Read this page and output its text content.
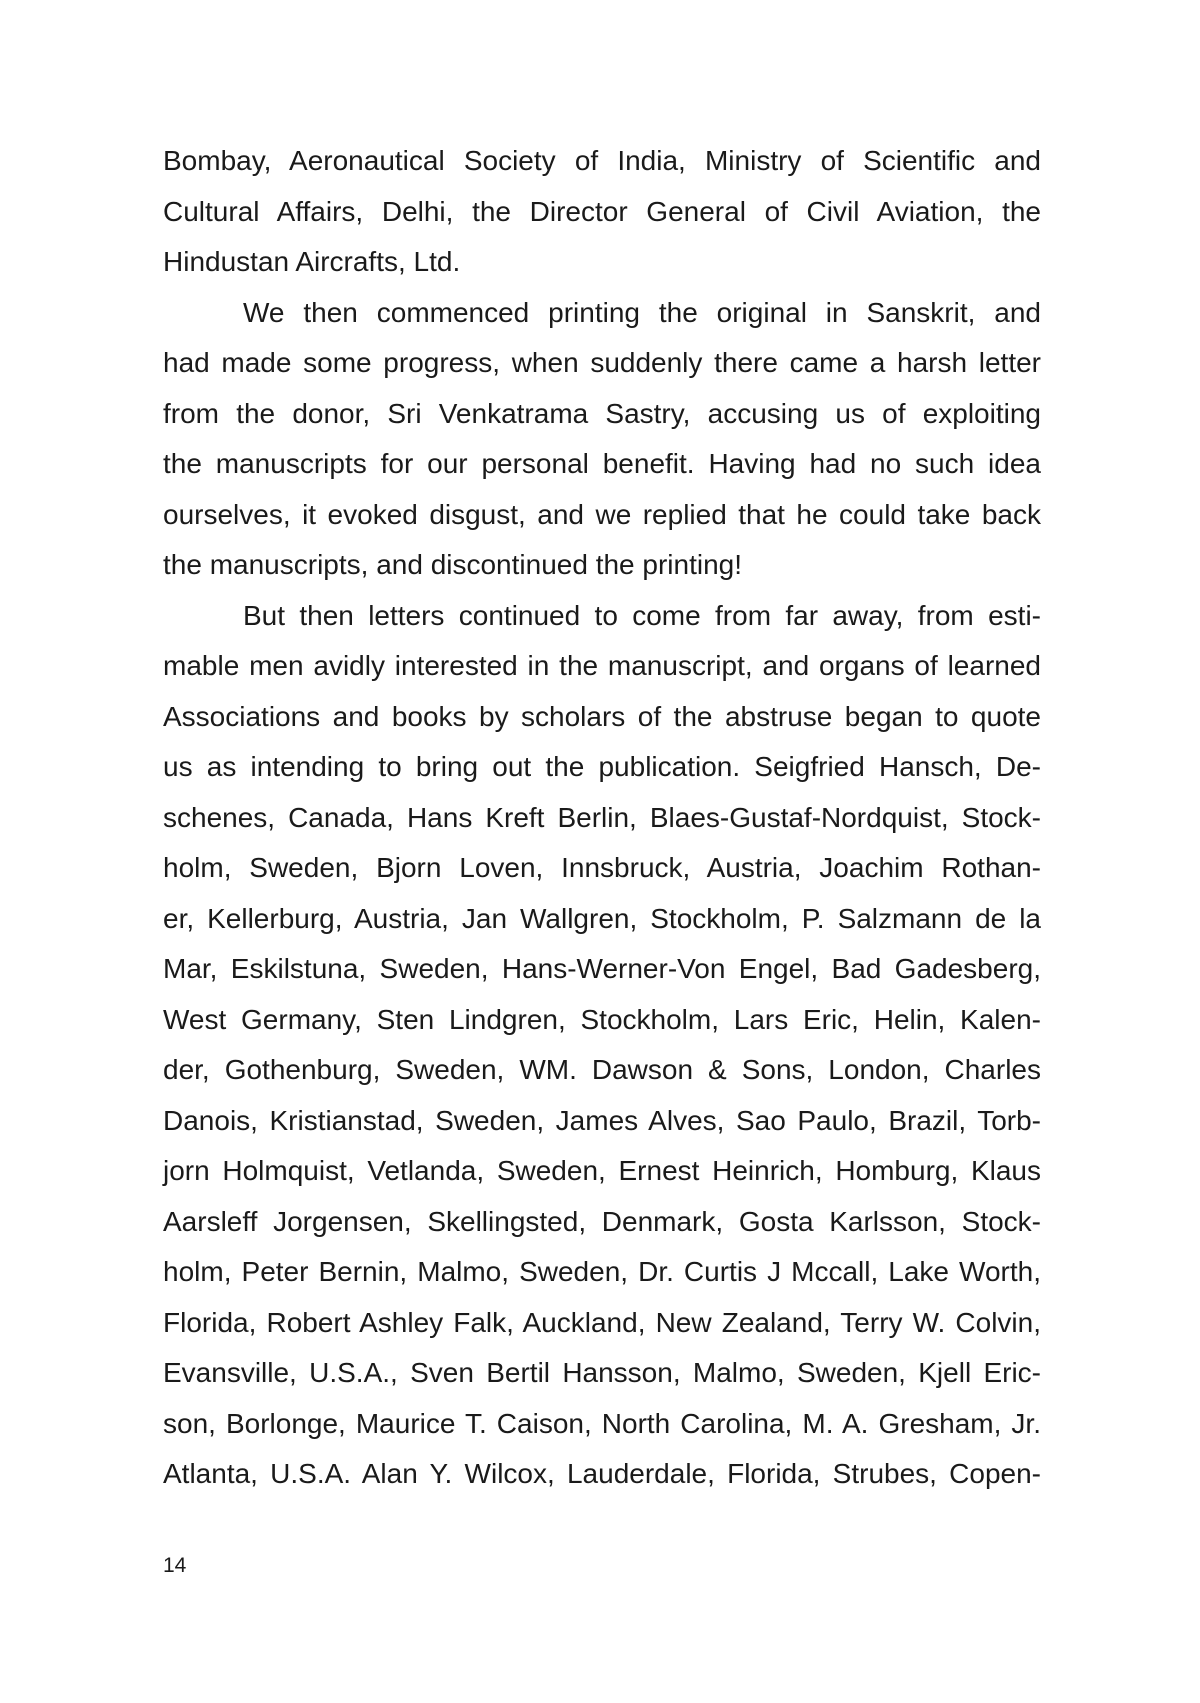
Bombay, Aeronautical Society of India, Ministry of Scientific and
Cultural Affairs, Delhi, the Director General of Civil Aviation, the
Hindustan Aircrafts, Ltd.
We then commenced printing the original in Sanskrit, and
had made some progress, when suddenly there came a harsh letter
from the donor, Sri Venkatrama Sastry, accusing us of exploiting
the manuscripts for our personal benefit. Having had no such idea
ourselves, it evoked disgust, and we replied that he could take back
the manuscripts, and discontinued the printing!
But then letters continued to come from far away, from esti-
mable men avidly interested in the manuscript, and organs of learned
Associations and books by scholars of the abstruse began to quote
us as intending to bring out the publication. Seigfried Hansch, De-
schenes, Canada, Hans Kreft Berlin, Blaes-Gustaf-Nordquist, Stock-
holm, Sweden, Bjorn Loven, Innsbruck, Austria, Joachim Rothan-
er, Kellerburg, Austria, Jan Wallgren, Stockholm, P. Salzmann de la
Mar, Eskilstuna, Sweden, Hans-Werner-Von Engel, Bad Gadesberg,
West Germany, Sten Lindgren, Stockholm, Lars Eric, Helin, Kalen-
der, Gothenburg, Sweden, WM. Dawson & Sons, London, Charles
Danois, Kristianstad, Sweden, James Alves, Sao Paulo, Brazil, Torb-
jorn Holmquist, Vetlanda, Sweden, Ernest Heinrich, Homburg, Klaus
Aarsleff Jorgensen, Skellingsted, Denmark, Gosta Karlsson, Stock-
holm, Peter Bernin, Malmo, Sweden, Dr. Curtis J Mccall, Lake Worth,
Florida, Robert Ashley Falk, Auckland, New Zealand, Terry W. Colvin,
Evansville, U.S.A., Sven Bertil Hansson, Malmo, Sweden, Kjell Eric-
son, Borlonge, Maurice T. Caison, North Carolina, M. A. Gresham, Jr.
Atlanta, U.S.A. Alan Y. Wilcox, Lauderdale, Florida, Strubes, Copen-
14
